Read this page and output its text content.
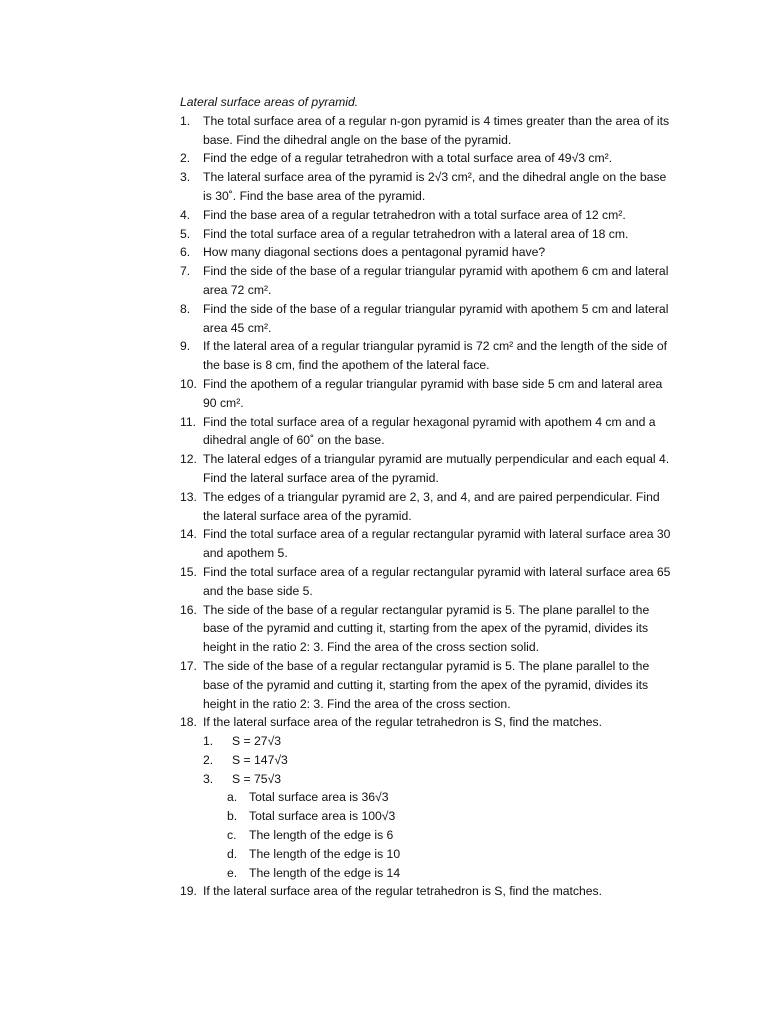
Lateral surface areas of pyramid.

1.	The total surface area of a regular n-gon pyramid is 4 times greater than the area of its base. Find the dihedral angle on the base of the pyramid.
2.	Find the edge of a regular tetrahedron with a total surface area of 49√3 cm².
3.	The lateral surface area of the pyramid is 2√3 cm², and the dihedral angle on the base is 30˚. Find the base area of the pyramid.
4.	Find the base area of a regular tetrahedron with a total surface area of 12 cm².
5.	Find the total surface area of a regular tetrahedron with a lateral area of 18 cm.
6.	How many diagonal sections does a pentagonal pyramid have?
7.	Find the side of the base of a regular triangular pyramid with apothem 6 cm and lateral area 72 cm².
8.	Find the side of the base of a regular triangular pyramid with apothem 5 cm and lateral area 45 cm².
9.	If the lateral area of a regular triangular pyramid is 72 cm² and the length of the side of the base is 8 cm, find the apothem of the lateral face.
10. Find the apothem of a regular triangular pyramid with base side 5 cm and lateral area 90 cm².
11. Find the total surface area of a regular hexagonal pyramid with apothem 4 cm and a dihedral angle of 60˚ on the base.
12. The lateral edges of a triangular pyramid are mutually perpendicular and each equal 4. Find the lateral surface area of the pyramid.
13. The edges of a triangular pyramid are 2, 3, and 4, and are paired perpendicular. Find the lateral surface area of the pyramid.
14. Find the total surface area of a regular rectangular pyramid with lateral surface area 30 and apothem 5.
15. Find the total surface area of a regular rectangular pyramid with lateral surface area 65 and the base side 5.
16. The side of the base of a regular rectangular pyramid is 5. The plane parallel to the base of the pyramid and cutting it, starting from the apex of the pyramid, divides its height in the ratio 2: 3. Find the area of the cross section solid.
17. The side of the base of a regular rectangular pyramid is 5. The plane parallel to the base of the pyramid and cutting it, starting from the apex of the pyramid, divides its height in the ratio 2: 3. Find the area of the cross section.
18. If the lateral surface area of the regular tetrahedron is S, find the matches.
1.	S = 27√3
2.	S = 147√3
3.	S = 75√3
a. Total surface area is 36√3
b. Total surface area is 100√3
c.	The length of the edge is 6
d. The length of the edge is 10
e. The length of the edge is 14
19. If the lateral surface area of the regular tetrahedron is S, find the matches.
